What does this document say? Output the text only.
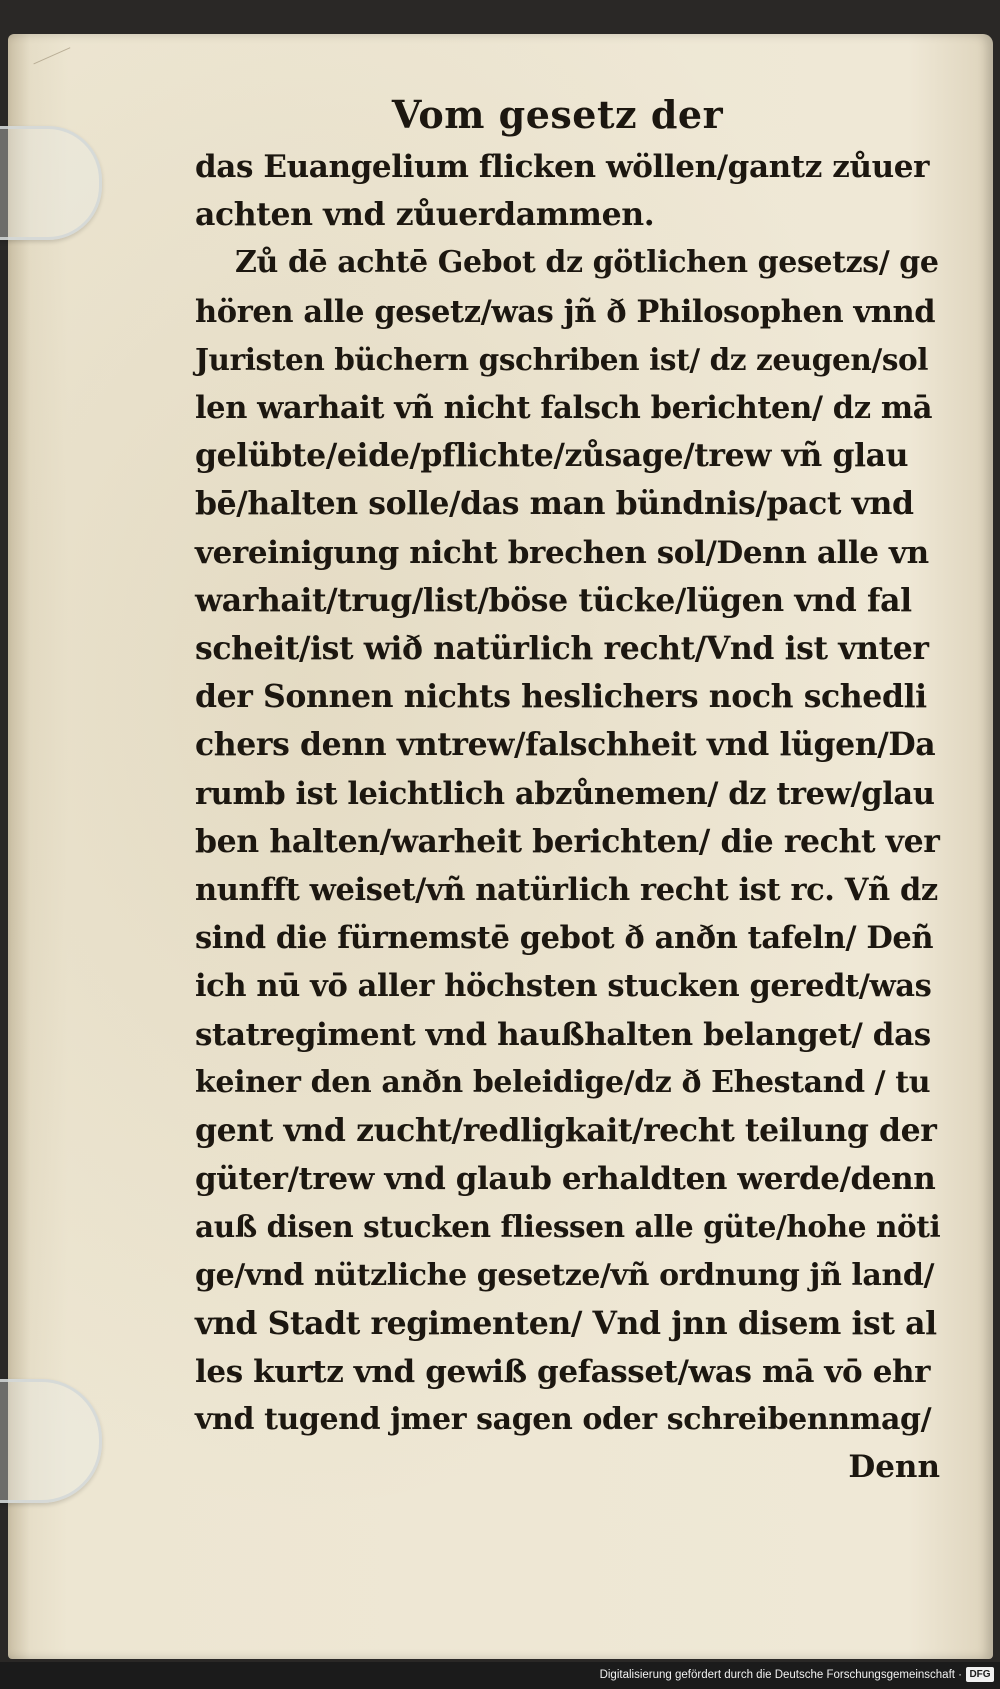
Vom gesetz der
das Euangelium flicken wöllen/gantz zůuer
achten vnd zůuerdammen.
Zů dē achtē Gebot dz götlichen gesetzs/ ge
hören alle gesetz/was jñ ð Philosophen vnnd
Juristen büchern gschriben ist/ dz zeugen/sol
len warhait vñ nicht falsch berichten/ dz mā
gelübte/eide/pflichte/zůsage/trew vñ glau
bē/halten solle/das man bündnis/pact vnd
vereinigung nicht brechen sol/Denn alle vn
warhait/trug/list/böse tücke/lügen vnd fal
scheit/ist wið natürlich recht/Vnd ist vnter
der Sonnen nichts heslichers noch schedli
chers denn vntrew/falschheit vnd lügen/Da
rumb ist leichtlich abzůnemen/ dz trew/glau
ben halten/warheit berichten/ die recht ver
nunfft weiset/vñ natürlich recht ist rc. Vñ dz
sind die fürnemstē gebot ð anðn tafeln/ Deñ
ich nū vō aller höchsten stucken geredt/was
statregiment vnd haußhalten belanget/ das
keiner den anðn beleidige/dz ð Ehestand / tu
gent vnd zucht/redligkait/recht teilung der
güter/trew vnd glaub erhaldten werde/denn
auß disen stucken fliessen alle güte/hohe nöti
ge/vnd nützliche gesetze/vñ ordnung jñ land/
vnd Stadt regimenten/ Vnd jnn disem ist al
les kurtz vnd gewiß gefasset/was mā vō ehr
vnd tugend jmer sagen oder schreibennmag/
Denn
Digitalisierung gefördert durch die Deutsche Forschungsgemeinschaft · DFG
